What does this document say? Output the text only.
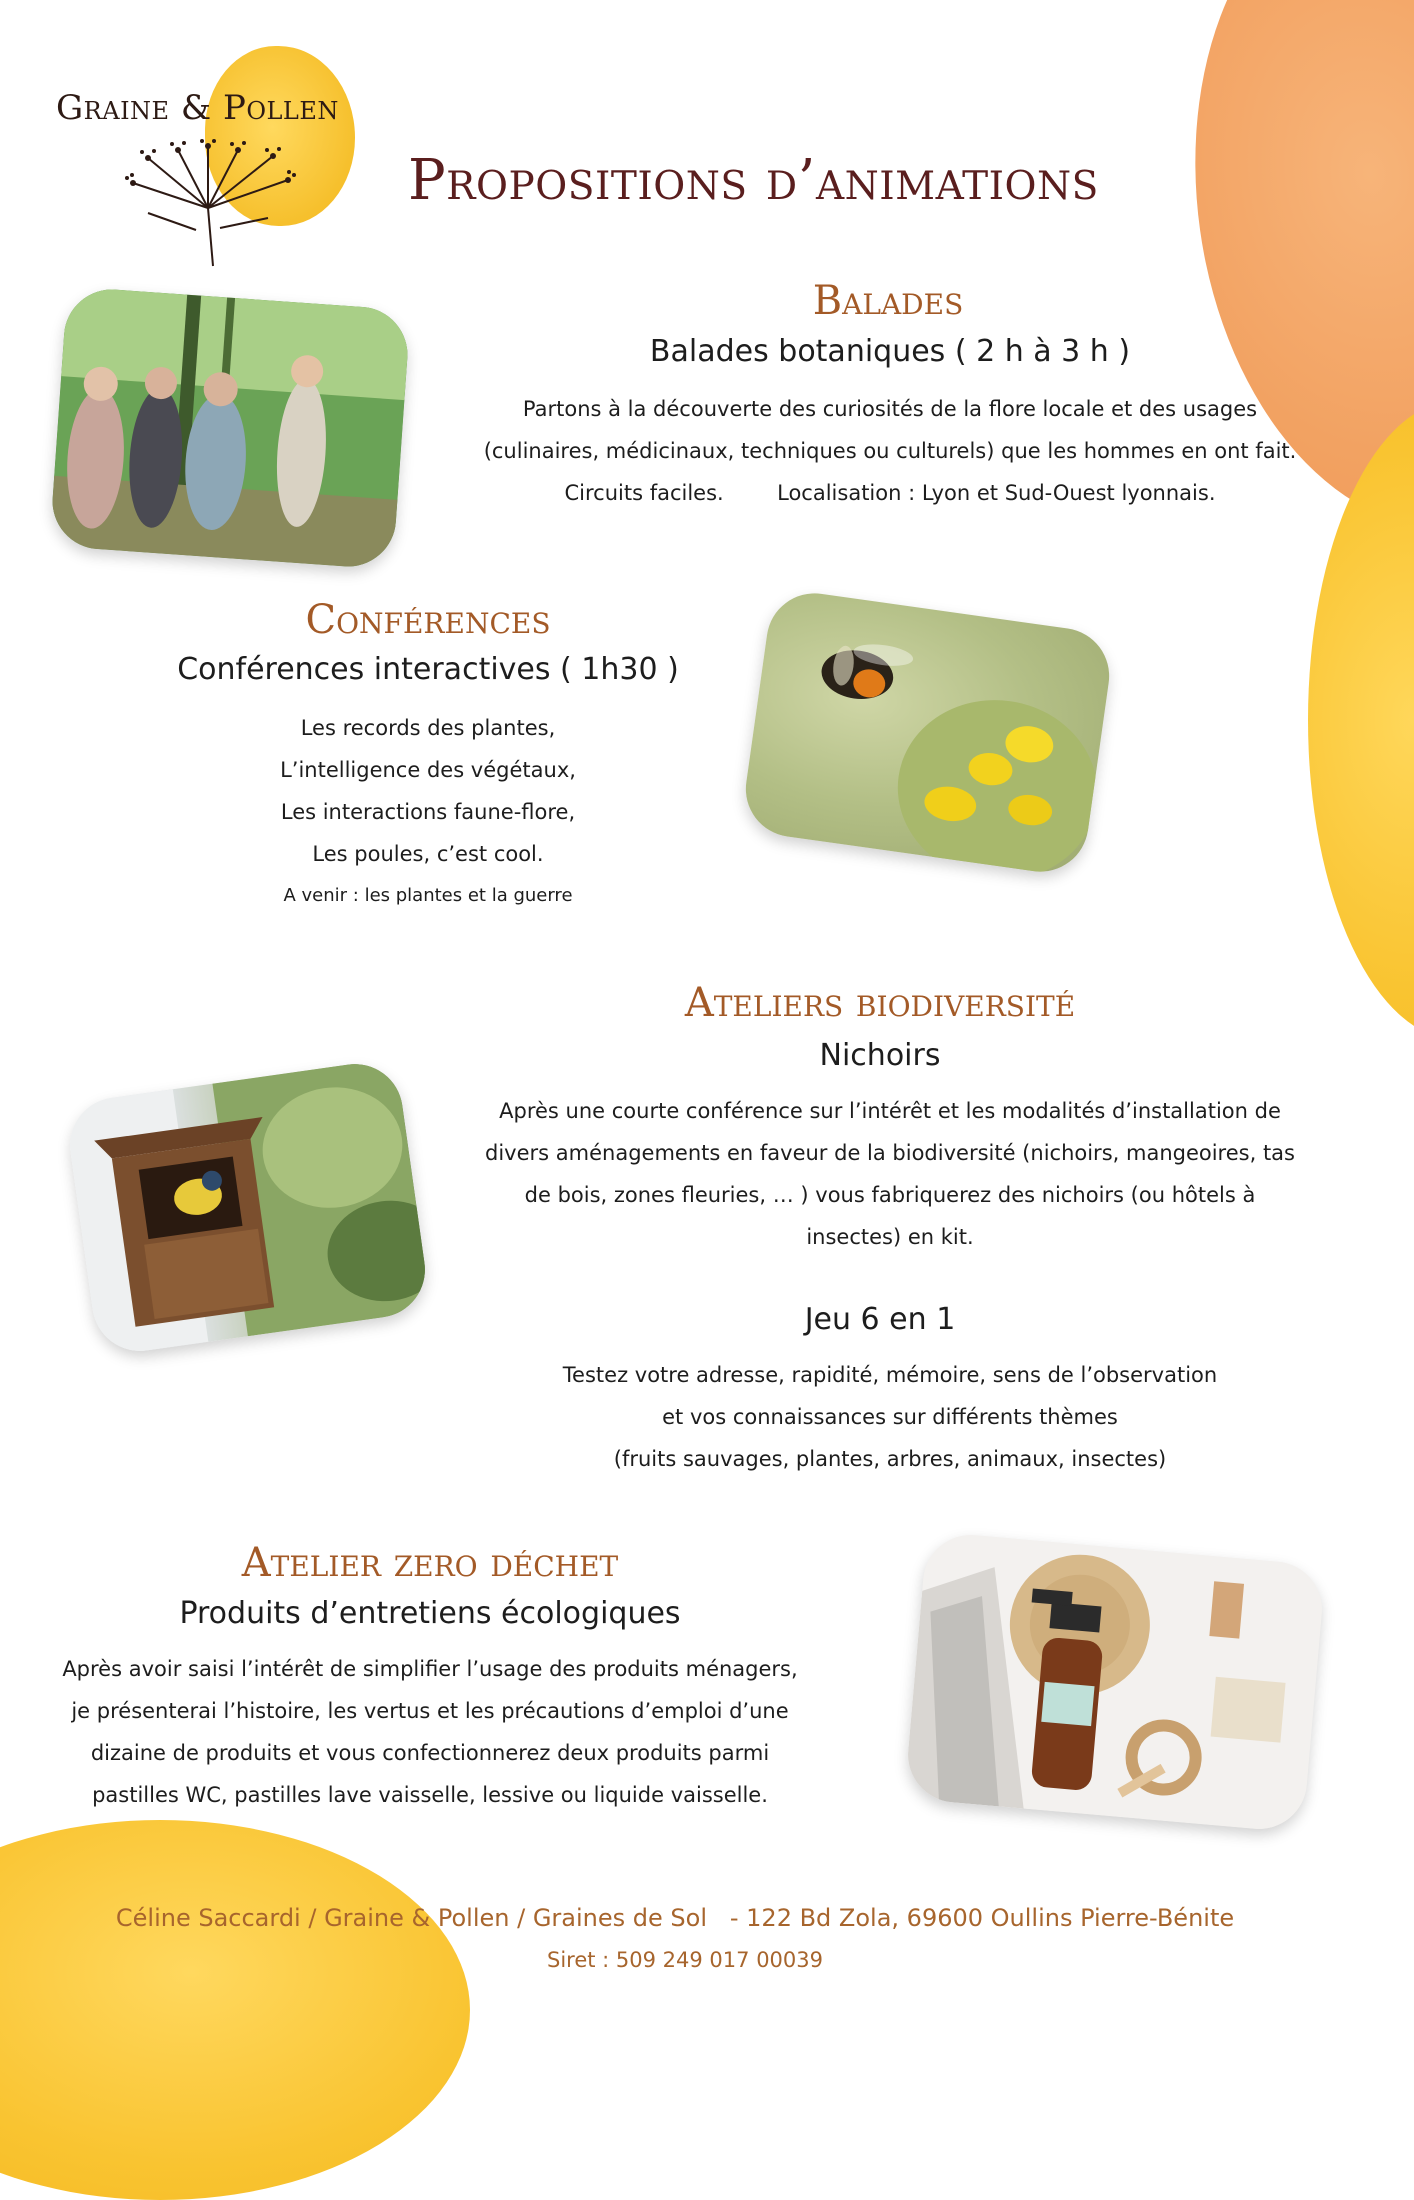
Graine & Pollen
Propositions d’animations
Balades
Balades botaniques ( 2 h à 3 h )
Partons à la découverte des curiosités de la flore locale et des usages
(culinaires, médicinaux, techniques ou culturels) que les hommes en ont fait.
Circuits faciles.        Localisation : Lyon et Sud-Ouest lyonnais.
Conférences
Conférences interactives ( 1h30 )
Les records des plantes,
L’intelligence des végétaux,
Les interactions faune-flore,
Les poules, c’est cool.
A venir : les plantes et la guerre
Ateliers biodiversité
Nichoirs
Après une courte conférence sur l’intérêt et les modalités d’installation de
divers aménagements en faveur de la biodiversité (nichoirs, mangeoires, tas
de bois, zones fleuries, … ) vous fabriquerez des nichoirs (ou hôtels à
insectes) en kit.
Jeu 6 en 1
Testez votre adresse, rapidité, mémoire, sens de l’observation
et vos connaissances sur différents thèmes
(fruits sauvages, plantes, arbres, animaux, insectes)
Atelier zero déchet
Produits d’entretiens écologiques
Après avoir saisi l’intérêt de simplifier l’usage des produits ménagers,
je présenterai l’histoire, les vertus et les précautions d’emploi d’une
dizaine de produits et vous confectionnerez deux produits parmi
pastilles WC, pastilles lave vaisselle, lessive ou liquide vaisselle.
Céline Saccardi / Graine & Pollen / Graines de Sol   - 122 Bd Zola, 69600 Oullins Pierre-Bénite
Siret : 509 249 017 00039
